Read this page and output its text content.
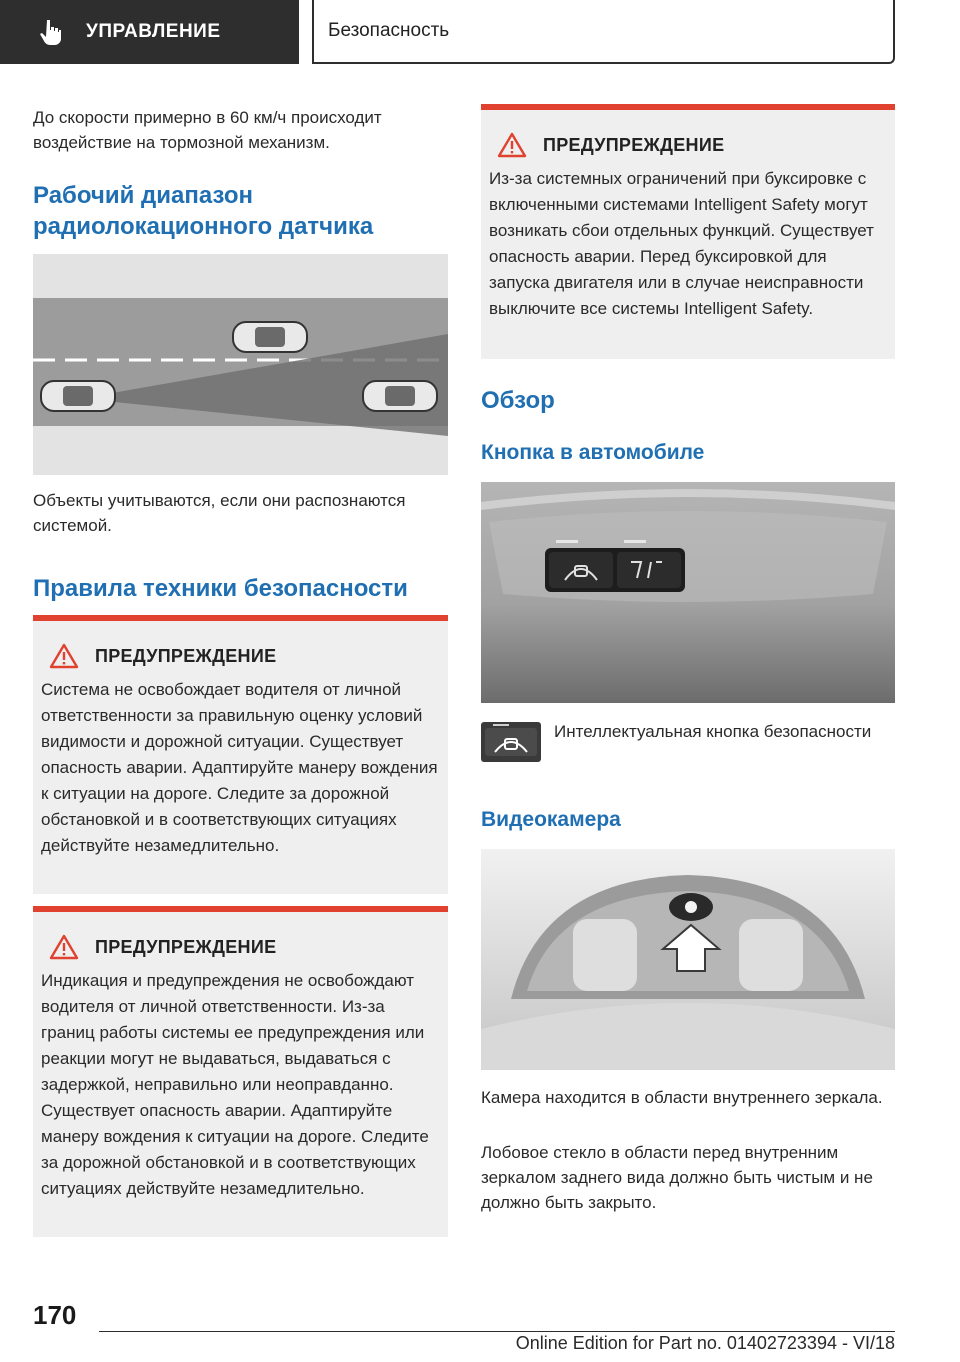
УПРАВЛЕНИЕ	Безопасность

До скорости примерно в 60 км/ч происходит воздействие на тормозной механизм.

Рабочий диапазон радиолокационного датчика

Объекты учитываются, если они распознаются системой.

Правила техники безопасности
ПРЕДУПРЕЖДЕНИЕ

Система не освобождает водителя от личной ответственности за правильную оценку условий видимости и дорожной ситуации. Существует опасность аварии. Адаптируйте манеру вождения к ситуации на дороге. Следите за дорожной обстановкой и в соответствующих ситуациях действуйте незамедлительно.

ПРЕДУПРЕЖДЕНИЕ

Индикация и предупреждения не освобождают водителя от личной ответственности. Из-за границ работы системы ее предупреждения или реакции могут не выдаваться, выдаваться с задержкой, неправильно или неоправданно. Существует опасность аварии. Адаптируйте манеру вождения к ситуации на дороге. Следите за дорожной обстановкой и в соответствующих ситуациях действуйте незамедлительно.

ПРЕДУПРЕЖДЕНИЕ

Из-за системных ограничений при буксировке с включенными системами Intelligent Safety могут возникать сбои отдельных функций. Существует опасность аварии. Перед буксировкой для запуска двигателя или в случае неисправности выключите все системы Intelligent Safety.

Обзор
Кнопка в автомобиле

Интеллектуальная кнопка безопасности

Видеокамера

Камера находится в области внутреннего зеркала.

Лобовое стекло в области перед внутренним зеркалом заднего вида должно быть чистым и не должно быть закрыто.

170
Online Edition for Part no. 01402723394 - VI/18
